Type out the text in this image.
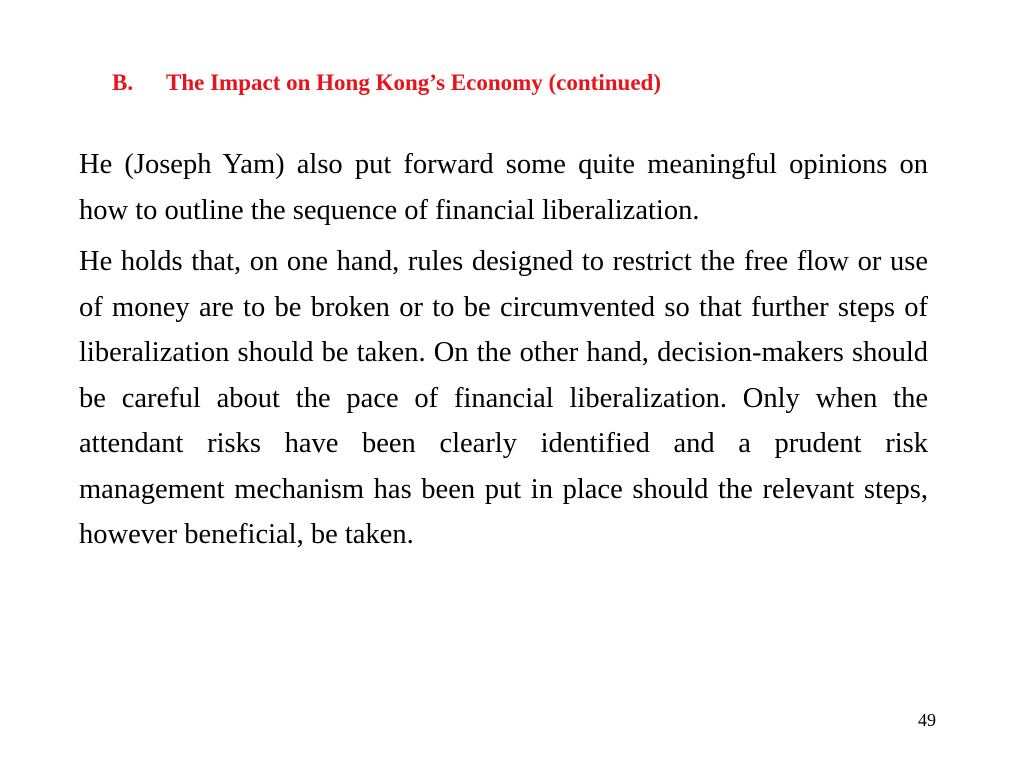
B. The Impact on Hong Kong’s Economy (continued)

He (Joseph Yam) also put forward some quite meaningful opinions on how to outline the sequence of financial liberalization.

He holds that, on one hand, rules designed to restrict the free flow or use of money are to be broken or to be circumvented so that further steps of liberalization should be taken. On the other hand, decision-makers should be careful about the pace of financial liberalization. Only when the attendant risks have been clearly identified and a prudent risk management mechanism has been put in place should the relevant steps, however beneficial, be taken.

49
